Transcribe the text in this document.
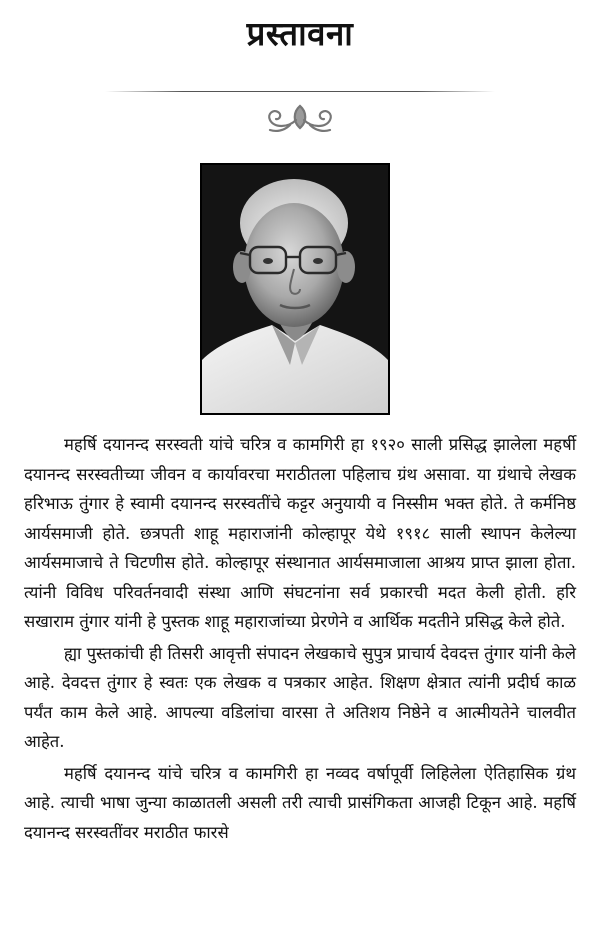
प्रस्तावना

महर्षि दयानन्द सरस्वती यांचे चरित्र व कामगिरी हा १९२० साली प्रसिद्ध झालेला महर्षी दयानन्द सरस्वतीच्या जीवन व कार्यावरचा मराठीतला पहिलाच ग्रंथ असावा. या ग्रंथाचे लेखक हरिभाऊ तुंगार हे स्वामी दयानन्द सरस्वतींचे कट्टर अनुयायी व निस्सीम भक्त होते. ते कर्मनिष्ठ आर्यसमाजी होते. छत्रपती शाहू महाराजांनी कोल्हापूर येथे १९१८ साली स्थापन केलेल्या आर्यसमाजाचे ते चिटणीस होते. कोल्हापूर संस्थानात आर्यसमाजाला आश्रय प्राप्त झाला होता. त्यांनी विविध परिवर्तनवादी संस्था आणि संघटनांना सर्व प्रकारची मदत केली होती. हरि सखाराम तुंगार यांनी हे पुस्तक शाहू महाराजांच्या प्रेरणेने व आर्थिक मदतीने प्रसिद्ध केले होते.

ह्या पुस्तकांची ही तिसरी आवृत्ती संपादन लेखकाचे सुपुत्र प्राचार्य देवदत्त तुंगार यांनी केले आहे. देवदत्त तुंगार हे स्वतः एक लेखक व पत्रकार आहेत. शिक्षण क्षेत्रात त्यांनी प्रदीर्घ काळ पर्यंत काम केले आहे. आपल्या वडिलांचा वारसा ते अतिशय निष्ठेने व आत्मीयतेने चालवीत आहेत.

महर्षि दयानन्द यांचे चरित्र व कामगिरी हा नव्वद वर्षापूर्वी लिहिलेला ऐतिहासिक ग्रंथ आहे. त्याची भाषा जुन्या काळातली असली तरी त्याची प्रासंगिकता आजही टिकून आहे. महर्षि दयानन्द सरस्वतींवर मराठीत फारसे
